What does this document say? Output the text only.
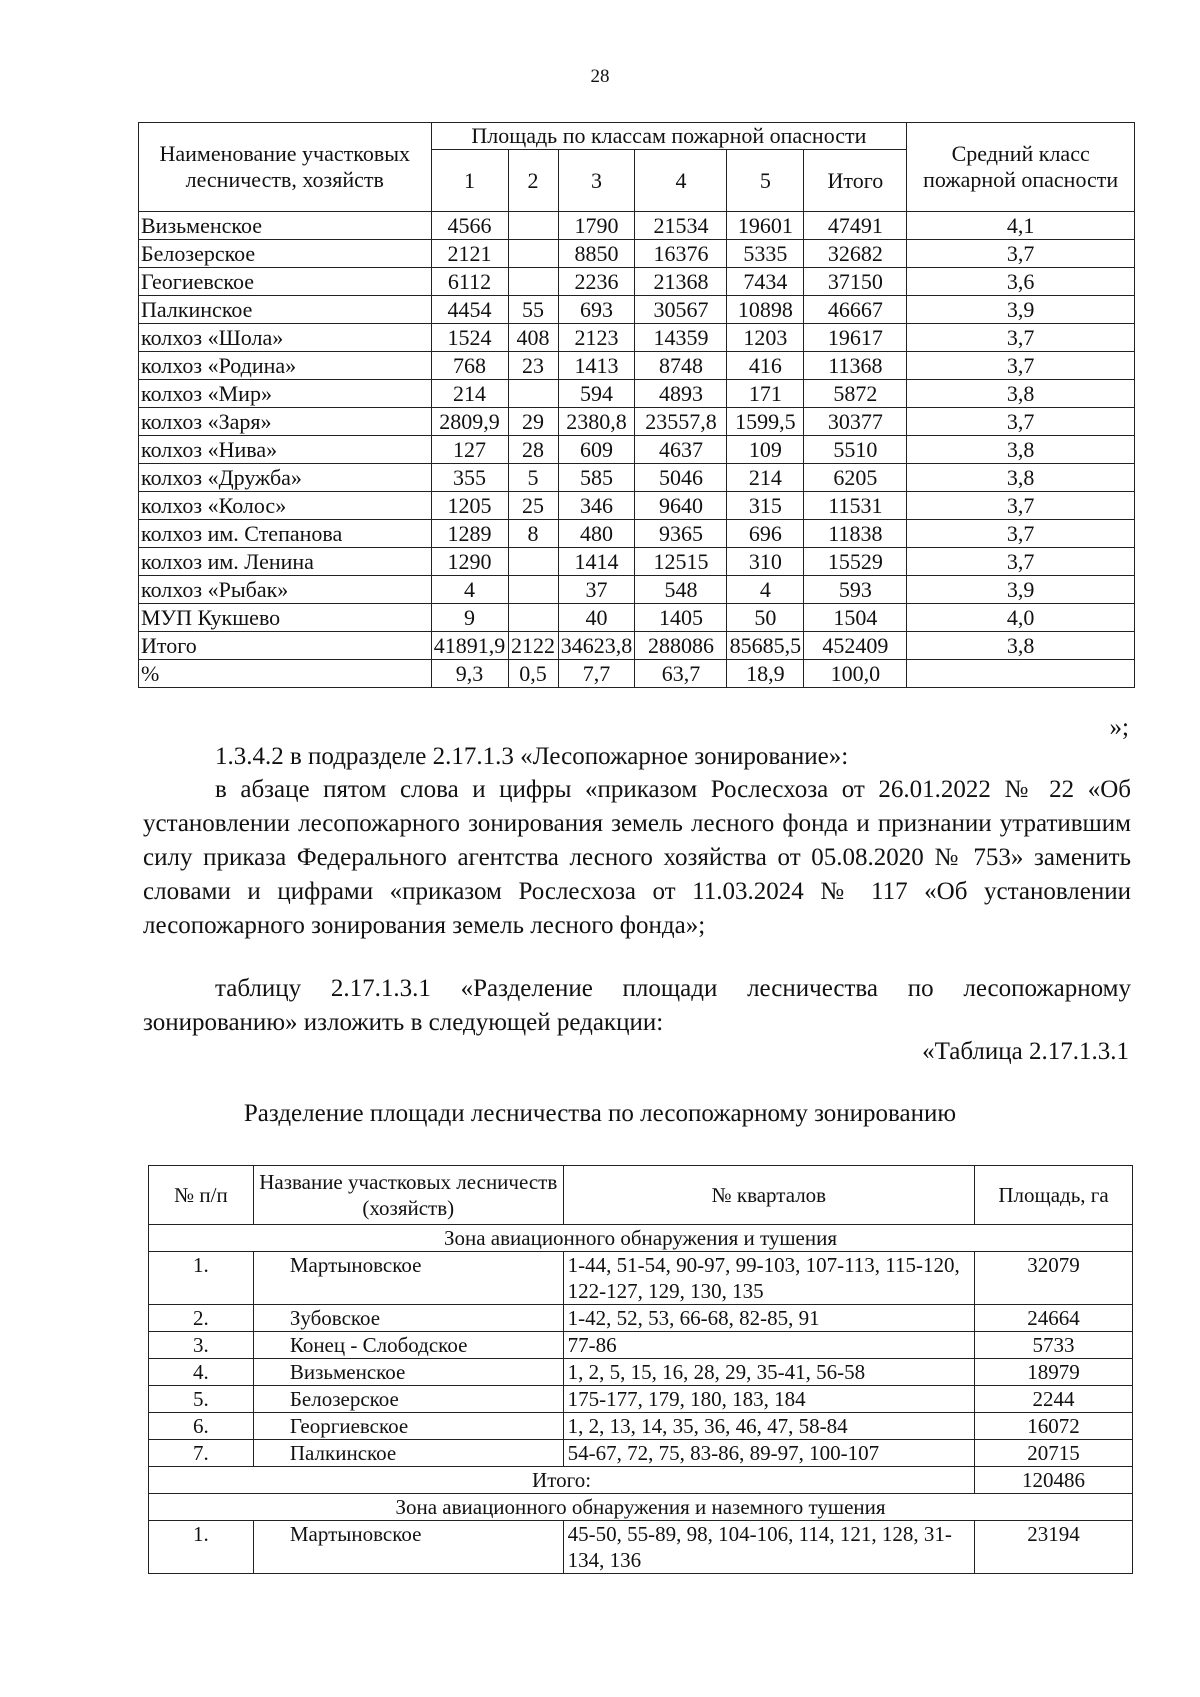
28
Наименование участковых лесничеств, хозяйств	Площадь по классам пожарной опасности						Средний класс пожарной опасности
	1	2	3	4	5	Итого	
Визьменское	4566		1790	21534	19601	47491	4,1
Белозерское	2121		8850	16376	5335	32682	3,7
Геогиевское	6112		2236	21368	7434	37150	3,6
Палкинское	4454	55	693	30567	10898	46667	3,9
колхоз «Шола»	1524	408	2123	14359	1203	19617	3,7
колхоз «Родина»	768	23	1413	8748	416	11368	3,7
колхоз «Мир»	214		594	4893	171	5872	3,8
колхоз «Заря»	2809,9	29	2380,8	23557,8	1599,5	30377	3,7
колхоз «Нива»	127	28	609	4637	109	5510	3,8
колхоз «Дружба»	355	5	585	5046	214	6205	3,8
колхоз «Колос»	1205	25	346	9640	315	11531	3,7
колхоз им. Степанова	1289	8	480	9365	696	11838	3,7
колхоз им. Ленина	1290		1414	12515	310	15529	3,7
колхоз «Рыбак»	4		37	548	4	593	3,9
МУП Кукшево	9		40	1405	50	1504	4,0
Итого	41891,9	2122	34623,8	288086	85685,5	452409	3,8
%	9,3	0,5	7,7	63,7	18,9	100,0	
»;
1.3.4.2 в подразделе 2.17.1.3 «Лесопожарное зонирование»:
в абзаце пятом слова и цифры «приказом Рослесхоза от 26.01.2022 № 22 «Об установлении лесопожарного зонирования земель лесного фонда и признании утратившим силу приказа Федерального агентства лесного хозяйства от 05.08.2020 № 753» заменить словами и цифрами «приказом Рослесхоза от 11.03.2024 № 117 «Об установлении лесопожарного зонирования земель лесного фонда»;
таблицу 2.17.1.3.1 «Разделение площади лесничества по лесопожарному зонированию» изложить в следующей редакции:
«Таблица 2.17.1.3.1
Разделение площади лесничества по лесопожарному зонированию
№ п/п	Название участковых лесничеств (хозяйств)	№ кварталов	Площадь, га
Зона авиационного обнаружения и тушения			
1.	Мартыновское	1-44, 51-54, 90-97, 99-103, 107-113, 115-120, 122-127, 129, 130, 135	32079
2.	Зубовское	1-42, 52, 53, 66-68, 82-85, 91	24664
3.	Конец - Слободское	77-86	5733
4.	Визьменское	1, 2, 5, 15, 16, 28, 29, 35-41, 56-58	18979
5.	Белозерское	175-177, 179, 180, 183, 184	2244
6.	Георгиевское	1, 2, 13, 14, 35, 36, 46, 47, 58-84	16072
7.	Палкинское	54-67, 72, 75, 83-86, 89-97, 100-107	20715
Итого:			120486
Зона авиационного обнаружения и наземного тушения			
1.	Мартыновское	45-50, 55-89, 98, 104-106, 114, 121, 128, 31-134, 136	23194
